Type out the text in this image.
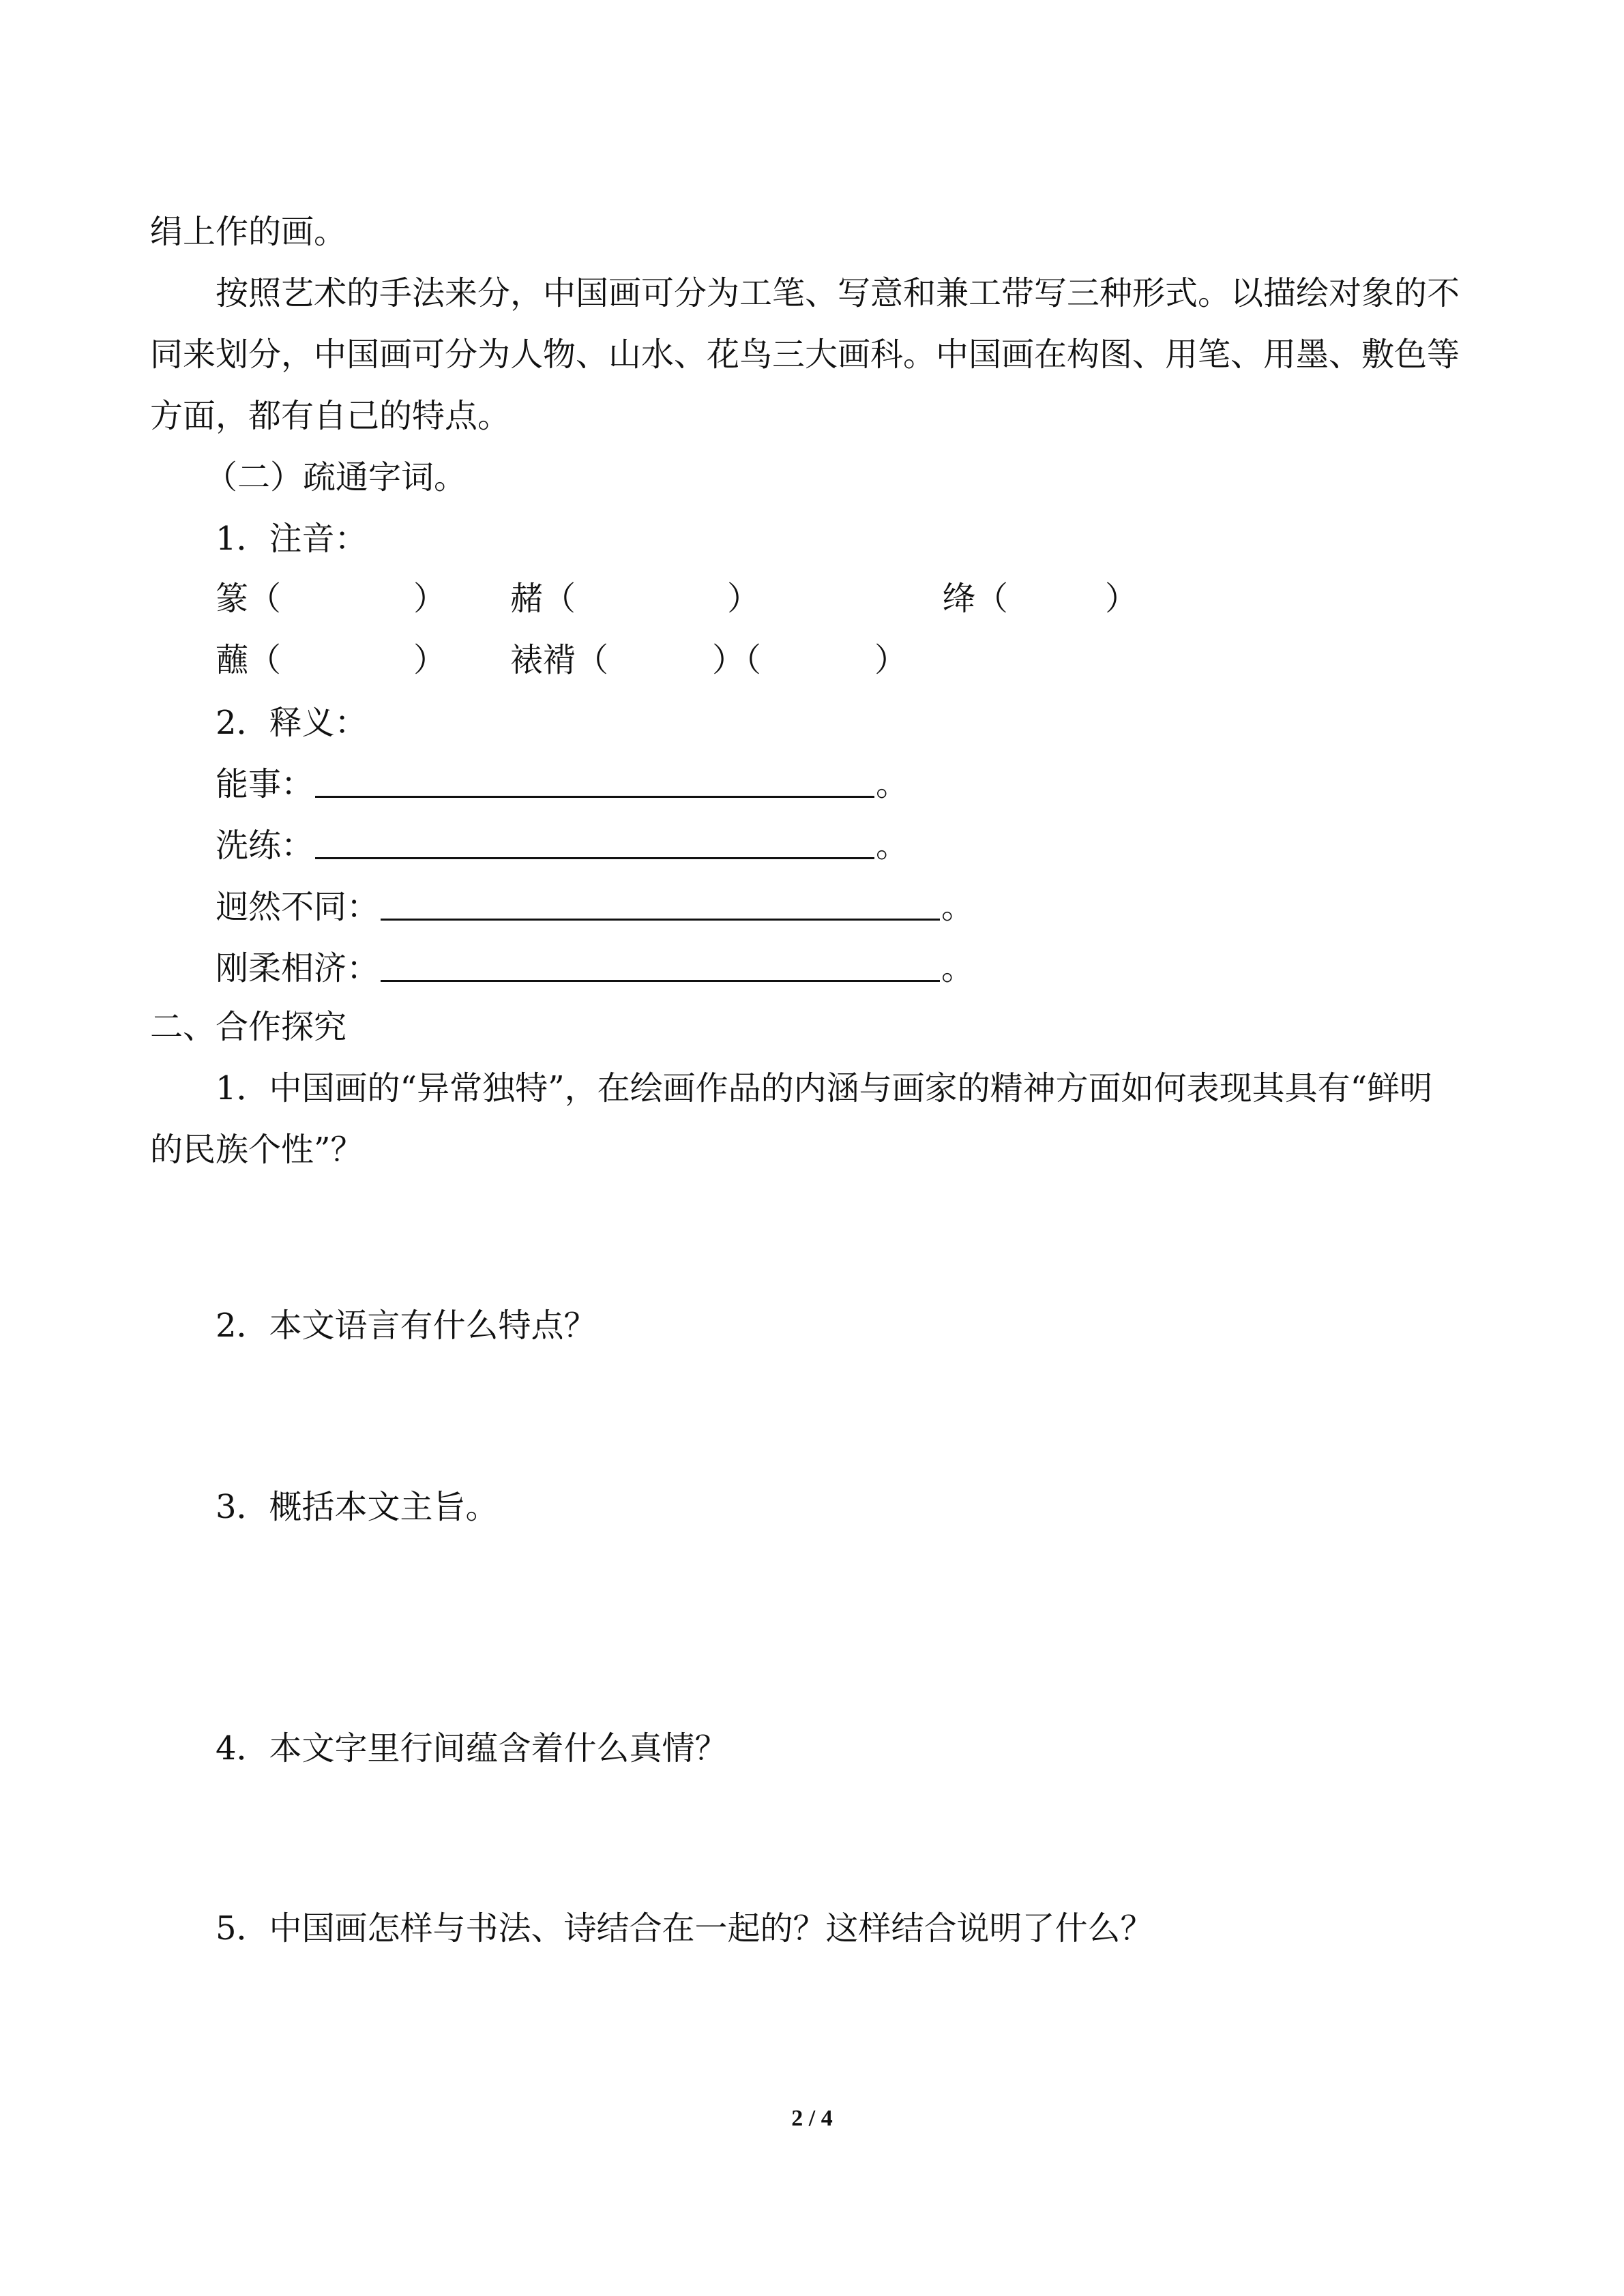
绢上作的画。
按照艺术的手法来分，中国画可分为工笔、写意和兼工带写三种形式。以描绘对象的不
同来划分，中国画可分为人物、山水、花鸟三大画科。中国画在构图、用笔、用墨、敷色等
方面，都有自己的特点。
（二）疏通字词。
1．注音：
篆（	） 赭（	）	绛（	）
蘸（	） 裱褙（	）（	）
2．释义：
能事：	。
洗练：	。
迥然不同：	。
刚柔相济：	。
二、合作探究
1．中国画的“异常独特”，在绘画作品的内涵与画家的精神方面如何表现其具有“鲜明
的民族个性”？
2．本文语言有什么特点？
3．概括本文主旨。
4．本文字里行间蕴含着什么真情？
5．中国画怎样与书法、诗结合在一起的？这样结合说明了什么？
2 / 4
